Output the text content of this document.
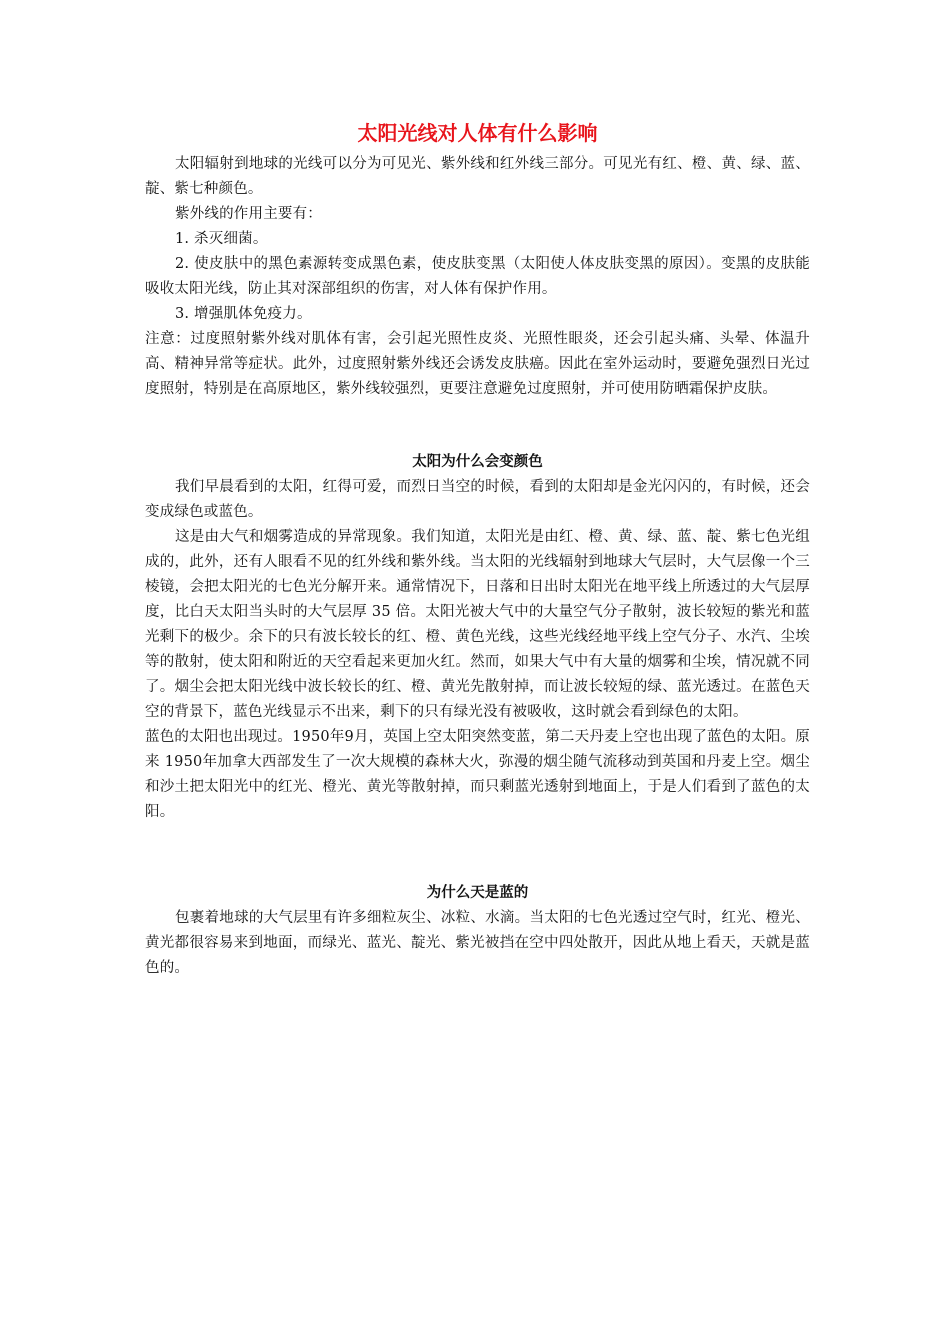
太阳光线对人体有什么影响

太阳辐射到地球的光线可以分为可见光、紫外线和红外线三部分。可见光有红、橙、黄、绿、蓝、靛、紫七种颜色。

紫外线的作用主要有：

1. 杀灭细菌。

2. 使皮肤中的黑色素源转变成黑色素，使皮肤变黑（太阳使人体皮肤变黑的原因）。变黑的皮肤能吸收太阳光线，防止其对深部组织的伤害，对人体有保护作用。

3. 增强肌体免疫力。

注意：过度照射紫外线对肌体有害，会引起光照性皮炎、光照性眼炎，还会引起头痛、头晕、体温升高、精神异常等症状。此外，过度照射紫外线还会诱发皮肤癌。因此在室外运动时，要避免强烈日光过度照射，特别是在高原地区，紫外线较强烈，更要注意避免过度照射，并可使用防晒霜保护皮肤。

太阳为什么会变颜色

我们早晨看到的太阳，红得可爱，而烈日当空的时候，看到的太阳却是金光闪闪的，有时候，还会变成绿色或蓝色。

这是由大气和烟雾造成的异常现象。我们知道，太阳光是由红、橙、黄、绿、蓝、靛、紫七色光组成的，此外，还有人眼看不见的红外线和紫外线。当太阳的光线辐射到地球大气层时，大气层像一个三棱镜，会把太阳光的七色光分解开来。通常情况下，日落和日出时太阳光在地平线上所透过的大气层厚度，比白天太阳当头时的大气层厚 35 倍。太阳光被大气中的大量空气分子散射，波长较短的紫光和蓝光剩下的极少。余下的只有波长较长的红、橙、黄色光线，这些光线经地平线上空气分子、水汽、尘埃等的散射，使太阳和附近的天空看起来更加火红。然而，如果大气中有大量的烟雾和尘埃，情况就不同了。烟尘会把太阳光线中波长较长的红、橙、黄光先散射掉，而让波长较短的绿、蓝光透过。在蓝色天空的背景下，蓝色光线显示不出来，剩下的只有绿光没有被吸收，这时就会看到绿色的太阳。

蓝色的太阳也出现过。1950年9月，英国上空太阳突然变蓝，第二天丹麦上空也出现了蓝色的太阳。原来 1950年加拿大西部发生了一次大规模的森林大火，弥漫的烟尘随气流移动到英国和丹麦上空。烟尘和沙土把太阳光中的红光、橙光、黄光等散射掉，而只剩蓝光透射到地面上，于是人们看到了蓝色的太阳。

为什么天是蓝的

包裹着地球的大气层里有许多细粒灰尘、冰粒、水滴。当太阳的七色光透过空气时，红光、橙光、黄光都很容易来到地面，而绿光、蓝光、靛光、紫光被挡在空中四处散开，因此从地上看天，天就是蓝色的。
